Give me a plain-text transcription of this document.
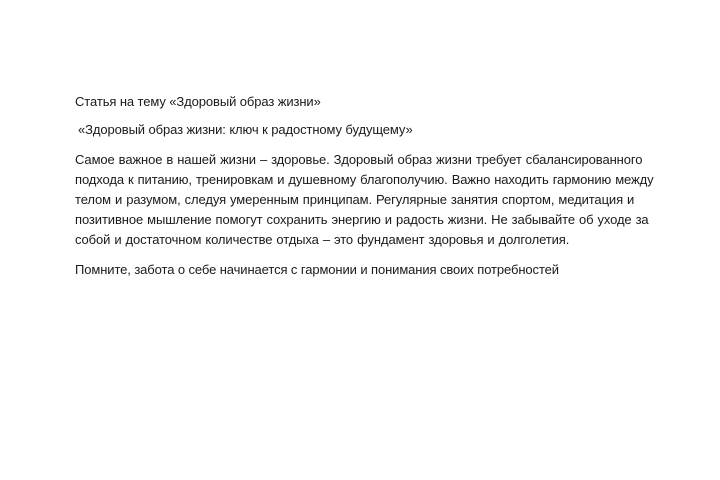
Статья на тему «Здоровый образ жизни»

«Здоровый образ жизни: ключ к радостному будущему»

Самое важное в нашей жизни – здоровье. Здоровый образ жизни требует сбалансированного подхода к питанию, тренировкам и душевному благополучию. Важно находить гармонию между телом и разумом, следуя умеренным принципам. Регулярные занятия спортом, медитация и позитивное мышление помогут сохранить энергию и радость жизни. Не забывайте об уходе за собой и достаточном количестве отдыха – это фундамент здоровья и долголетия.

Помните, забота о себе начинается с гармонии и понимания своих потребностей
